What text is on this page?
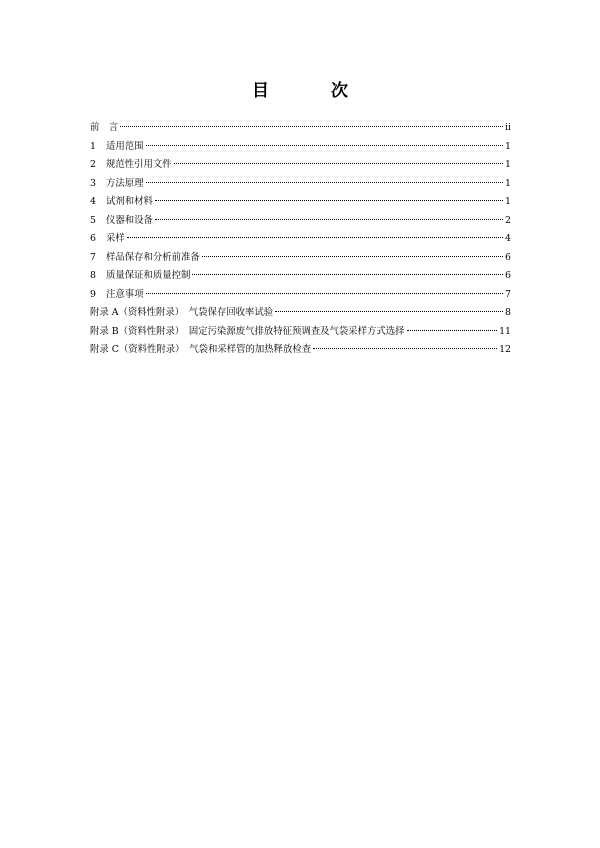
目 次
前　言	ii
1	适用范围	1
2	规范性引用文件	1
3	方法原理	1
4	试剂和材料	1
5	仪器和设备	2
6	采样	4
7	样品保存和分析前准备	6
8	质量保证和质量控制	6
9	注意事项	7
附录 A（资料性附录）　气袋保存回收率试验	8
附录 B（资料性附录）　固定污染源废气排放特征预调查及气袋采样方式选择	11
附录 C（资料性附录）　气袋和采样管的加热释放检查	12
